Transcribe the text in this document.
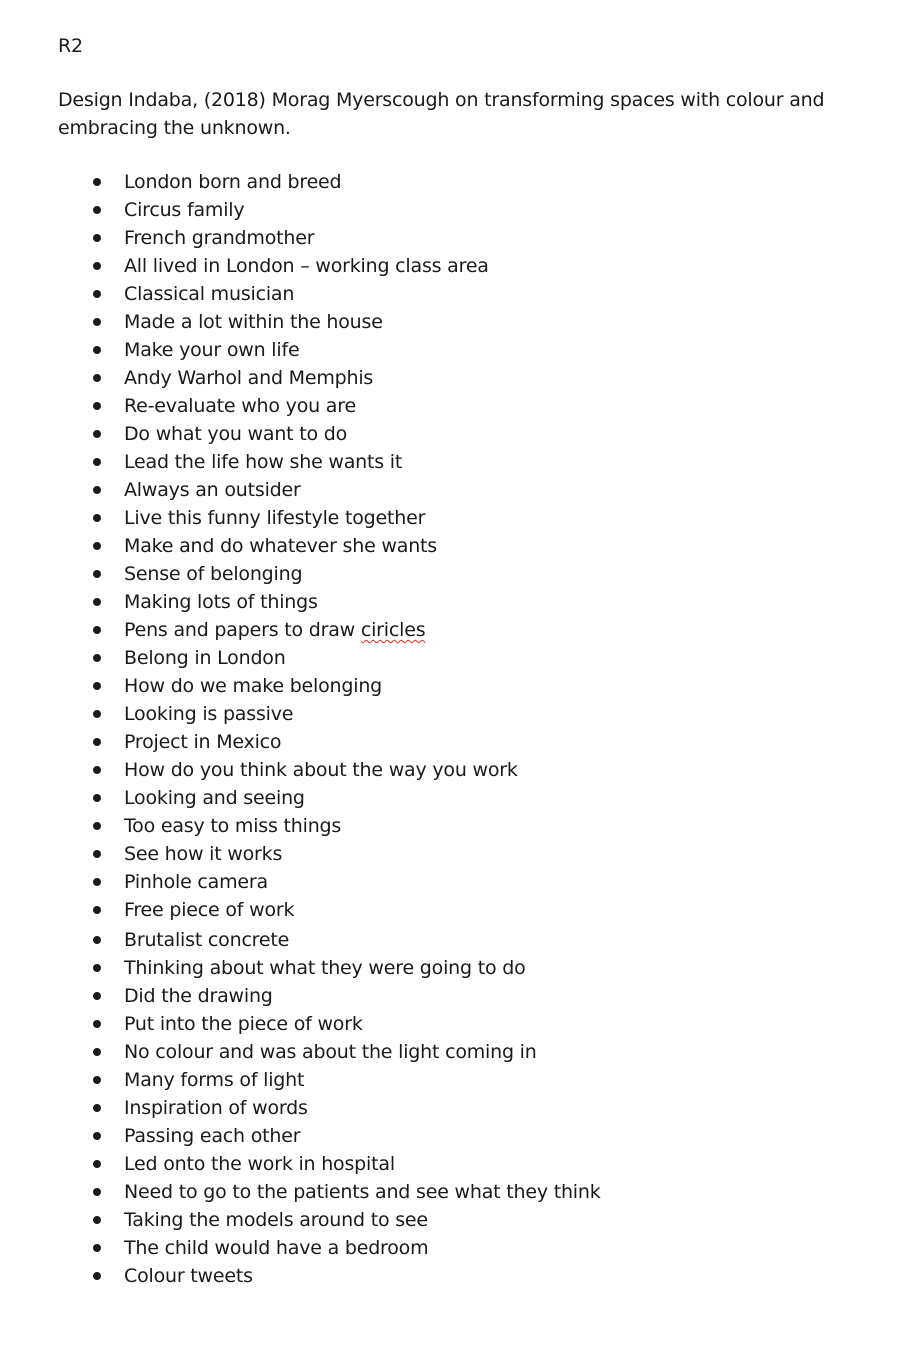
R2
Design Indaba, (2018) Morag Myerscough on transforming spaces with colour and embracing the unknown.
London born and breed
Circus family
French grandmother
All lived in London – working class area
Classical musician
Made a lot within the house
Make your own life
Andy Warhol and Memphis
Re-evaluate who you are
Do what you want to do
Lead the life how she wants it
Always an outsider
Live this funny lifestyle together
Make and do whatever she wants
Sense of belonging
Making lots of things
Pens and papers to draw ciricles
Belong in London
How do we make belonging
Looking is passive
Project in Mexico
How do you think about the way you work
Looking and seeing
Too easy to miss things
See how it works
Pinhole camera
Free piece of work
Brutalist concrete
Thinking about what they were going to do
Did the drawing
Put into the piece of work
No colour and was about the light coming in
Many forms of light
Inspiration of words
Passing each other
Led onto the work in hospital
Need to go to the patients and see what they think
Taking the models around to see
The child would have a bedroom
Colour tweets
